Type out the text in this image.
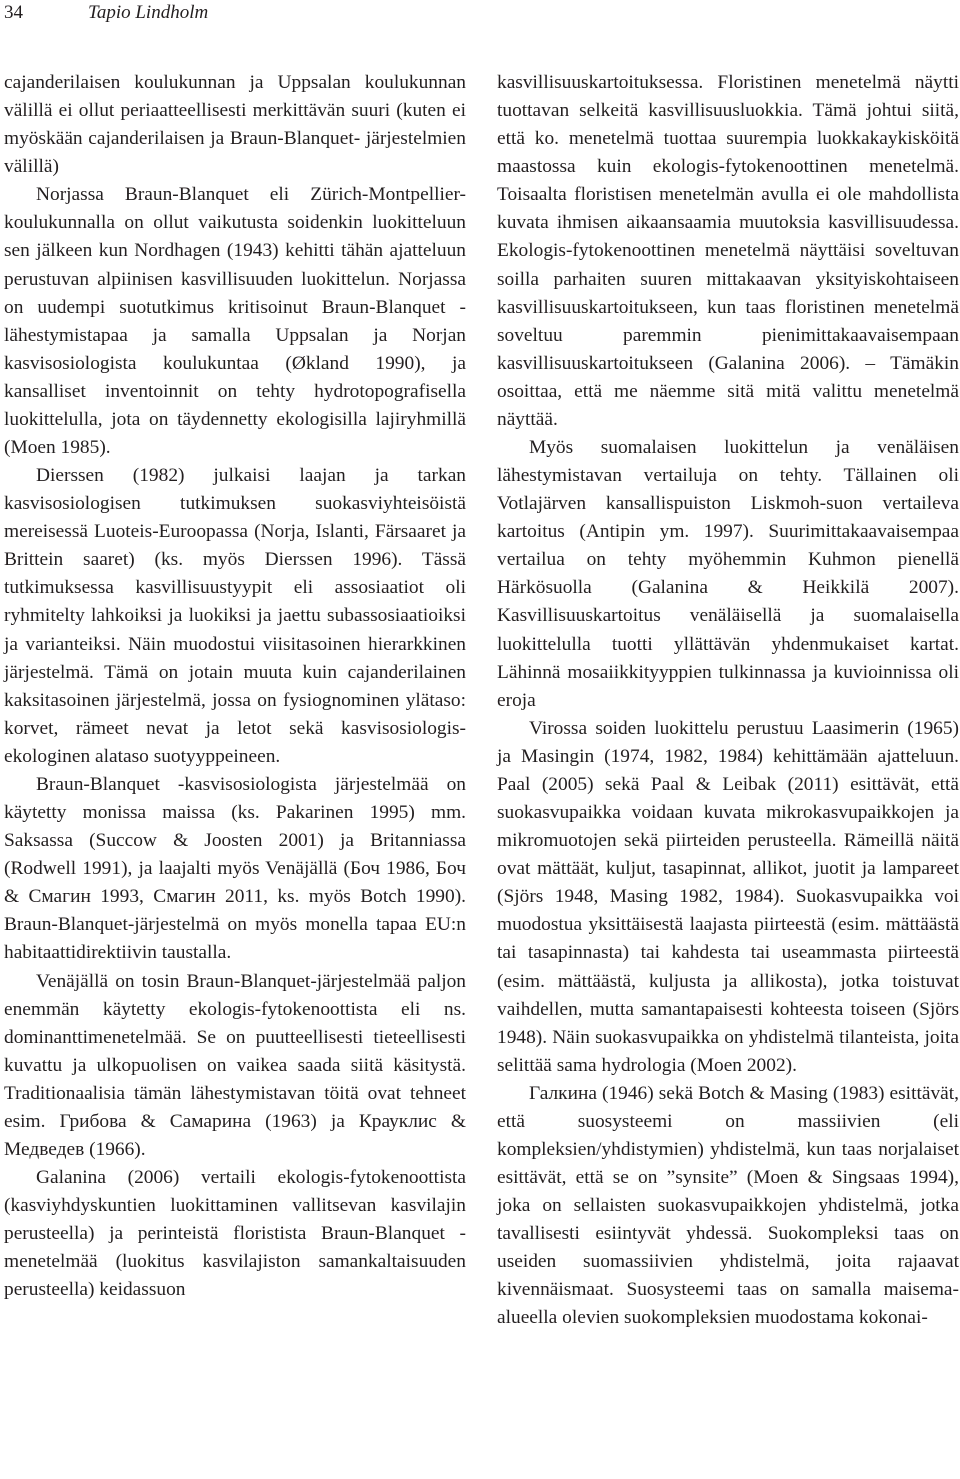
34	Tapio Lindholm

cajanderilaisen koulukunnan ja Uppsalan koulukunnan välillä ei ollut periaatteellisesti merkittävän suuri (kuten ei myöskään cajanderilaisen ja Braun-Blanquet- järjestelmien välillä)

Norjassa Braun-Blanquet eli Zürich-Montpellier-koulukunnalla on ollut vaikutusta soidenkin luokitteluun sen jälkeen kun Nordhagen (1943) kehitti tähän ajatteluun perustuvan alpiinisen kasvillisuuden luokittelun. Norjassa on uudempi suotutkimus kritisoinut Braun-Blanquet -lähestymistapaa ja samalla Uppsalan ja Norjan kasvisosiologista koulukuntaa (Økland 1990), ja kansalliset inventoinnit on tehty hydrotopografisella luokittelulla, jota on täydennetty ekologisilla lajiryhmillä (Moen 1985).

Dierssen (1982) julkaisi laajan ja tarkan kasvisosiologisen tutkimuksen suokasviyhteisöistä mereisessä Luoteis-Euroopassa (Norja, Islanti, Färsaaret ja Brittein saaret) (ks. myös Dierssen 1996). Tässä tutkimuksessa kasvillisuustyypit eli assosiaatiot oli ryhmitelty lahkoiksi ja luokiksi ja jaettu subassosiaatioiksi ja varianteiksi. Näin muodostui viisitasoinen hierarkkinen järjestelmä. Tämä on jotain muuta kuin cajanderilainen kaksitasoinen järjestelmä, jossa on fysiognominen ylätaso: korvet, rämeet nevat ja letot sekä kasvisosiologis-ekologinen alataso suotyyppeineen.

Braun-Blanquet -kasvisosiologista järjestelmää on käytetty monissa maissa (ks. Pakarinen 1995) mm. Saksassa (Succow & Joosten 2001) ja Britanniassa (Rodwell 1991), ja laajalti myös Venäjällä (Боч 1986, Боч & Смагин 1993, Смагин 2011, ks. myös Botch 1990). Braun-Blanquet-järjestelmä on myös monella tapaa EU:n habitaattidirektiivin taustalla.

Venäjällä on tosin Braun-Blanquet-järjestelmää paljon enemmän käytetty ekologis-fytokenoottista eli ns. dominanttimenetelmää. Se on puutteellisesti tieteellisesti kuvattu ja ulkopuolisen on vaikea saada siitä käsitystä. Traditionaalisia tämän lähestymistavan töitä ovat tehneet esim. Грибова & Самарина (1963) ja Крауклис & Медведев (1966).

Galanina (2006) vertaili ekologis-fytokenoottista (kasviyhdyskuntien luokittaminen vallitsevan kasvilajin perusteella) ja perinteistä floristista Braun-Blanquet -menetelmää (luokitus kasvilajiston samankaltaisuuden perusteella) keidassuon

kasvillisuuskartoituksessa. Floristinen menetelmä näytti tuottavan selkeitä kasvillisuusluokkia. Tämä johtui siitä, että ko. menetelmä tuottaa suurempia luokkakaykisköitä maastossa kuin ekologis-fytokenoottinen menetelmä. Toisaalta floristisen menetelmän avulla ei ole mahdollista kuvata ihmisen aikaansaamia muutoksia kasvillisuudessa. Ekologis-fytokenoottinen menetelmä näyttäisi soveltuvan soilla parhaiten suuren mittakaavan yksityiskohtaiseen kasvillisuuskartoitukseen, kun taas floristinen menetelmä soveltuu paremmin pienimittakaavaisempaan kasvillisuuskartoitukseen (Galanina 2006). – Tämäkin osoittaa, että me näemme sitä mitä valittu menetelmä näyttää.

Myös suomalaisen luokittelun ja venäläisen lähestymistavan vertailuja on tehty. Tällainen oli Votlajärven kansallispuiston Liskmoh-suon vertaileva kartoitus (Antipin ym. 1997). Suurimittakaavaisempaa vertailua on tehty myöhemmin Kuhmon pienellä Härkösuolla (Galanina & Heikkilä 2007). Kasvillisuuskartoitus venäläisellä ja suomalaisella luokittelulla tuotti yllättävän yhdenmukaiset kartat. Lähinnä mosaiikkityyppien tulkinnassa ja kuvioinnissa oli eroja

Virossa soiden luokittelu perustuu Laasimerin (1965) ja Masingin (1974, 1982, 1984) kehittämään ajatteluun. Paal (2005) sekä Paal & Leibak (2011) esittävät, että suokasvupaikka voidaan kuvata mikrokasvupaikkojen ja mikromuotojen sekä piirteiden perusteella. Rämeillä näitä ovat mättäät, kuljut, tasapinnat, allikot, juotit ja lampareet (Sjörs 1948, Masing 1982, 1984). Suokasvupaikka voi muodostua yksittäisestä laajasta piirteestä (esim. mättäästä tai tasapinnasta) tai kahdesta tai useammasta piirteestä (esim. mättäästä, kuljusta ja allikosta), jotka toistuvat vaihdellen, mutta samantapaisesti kohteesta toiseen (Sjörs 1948). Näin suokasvupaikka on yhdistelmä tilanteista, joita selittää sama hydrologia (Moen 2002).

Галкина (1946) sekä Botch & Masing (1983) esittävät, että suosysteemi on massiivien (eli kompleksien/yhdistymien) yhdistelmä, kun taas norjalaiset esittävät, että se on ”synsite” (Moen & Singsaas 1994), joka on sellaisten suokasvupaikkojen yhdistelmä, jotka tavallisesti esiintyvät yhdessä. Suokompleksi taas on useiden suomassiivien yhdistelmä, joita rajaavat kivennäismaat. Suosysteemi taas on samalla maisema-alueella olevien suokompleksien muodostama kokonai-
